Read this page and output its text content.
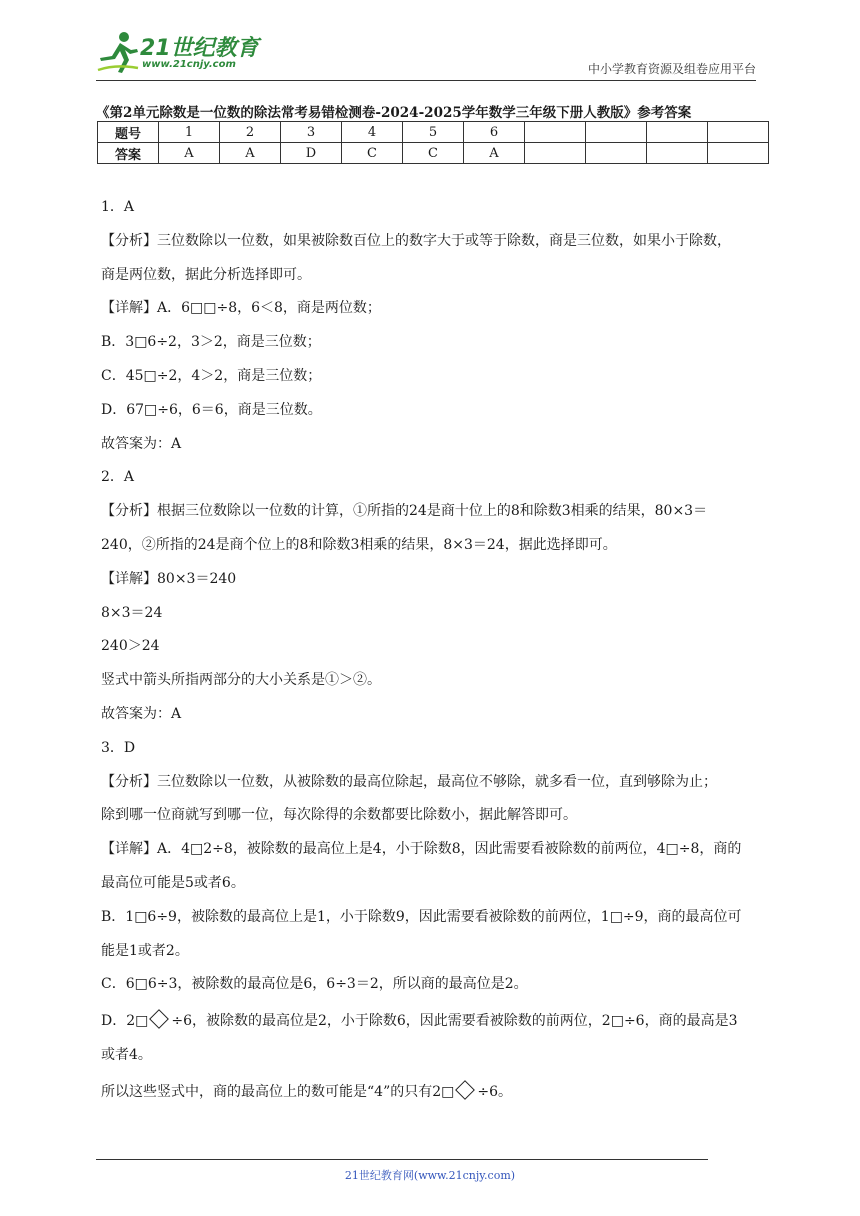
21世纪教育
www.21cnjy.com	中小学教育资源及组卷应用平台
《第2单元除数是一位数的除法常考易错检测卷-2024-2025学年数学三年级下册人教版》参考答案
题号	1	2	3	4	5	6				
答案	A	A	D	C	C	A				
1．A
【分析】三位数除以一位数，如果被除数百位上的数字大于或等于除数，商是三位数，如果小于除数，
商是两位数，据此分析选择即可。
【详解】A．6□□÷8，6＜8，商是两位数；
B．3□6÷2，3＞2，商是三位数；
C．45□÷2，4＞2，商是三位数；
D．67□÷6，6＝6，商是三位数。
故答案为：A
2．A
【分析】根据三位数除以一位数的计算，①所指的24是商十位上的8和除数3相乘的结果，80×3＝
240，②所指的24是商个位上的8和除数3相乘的结果，8×3＝24，据此选择即可。
【详解】80×3＝240
8×3＝24
240＞24
竖式中箭头所指两部分的大小关系是①＞②。
故答案为：A
3．D
【分析】三位数除以一位数，从被除数的最高位除起，最高位不够除，就多看一位，直到够除为止；
除到哪一位商就写到哪一位，每次除得的余数都要比除数小，据此解答即可。
【详解】A．4□2÷8，被除数的最高位上是4，小于除数8，因此需要看被除数的前两位，4□÷8，商的
最高位可能是5或者6。
B．1□6÷9，被除数的最高位上是1，小于除数9，因此需要看被除数的前两位，1□÷9，商的最高位可
能是1或者2。
C．6□6÷3，被除数的最高位是6，6÷3＝2，所以商的最高位是2。
D．2□ ÷6，被除数的最高位是2，小于除数6，因此需要看被除数的前两位，2□÷6，商的最高是3
或者4。
所以这些竖式中，商的最高位上的数可能是“4”的只有2□ ÷6。
21世纪教育网(www.21cnjy.com)
